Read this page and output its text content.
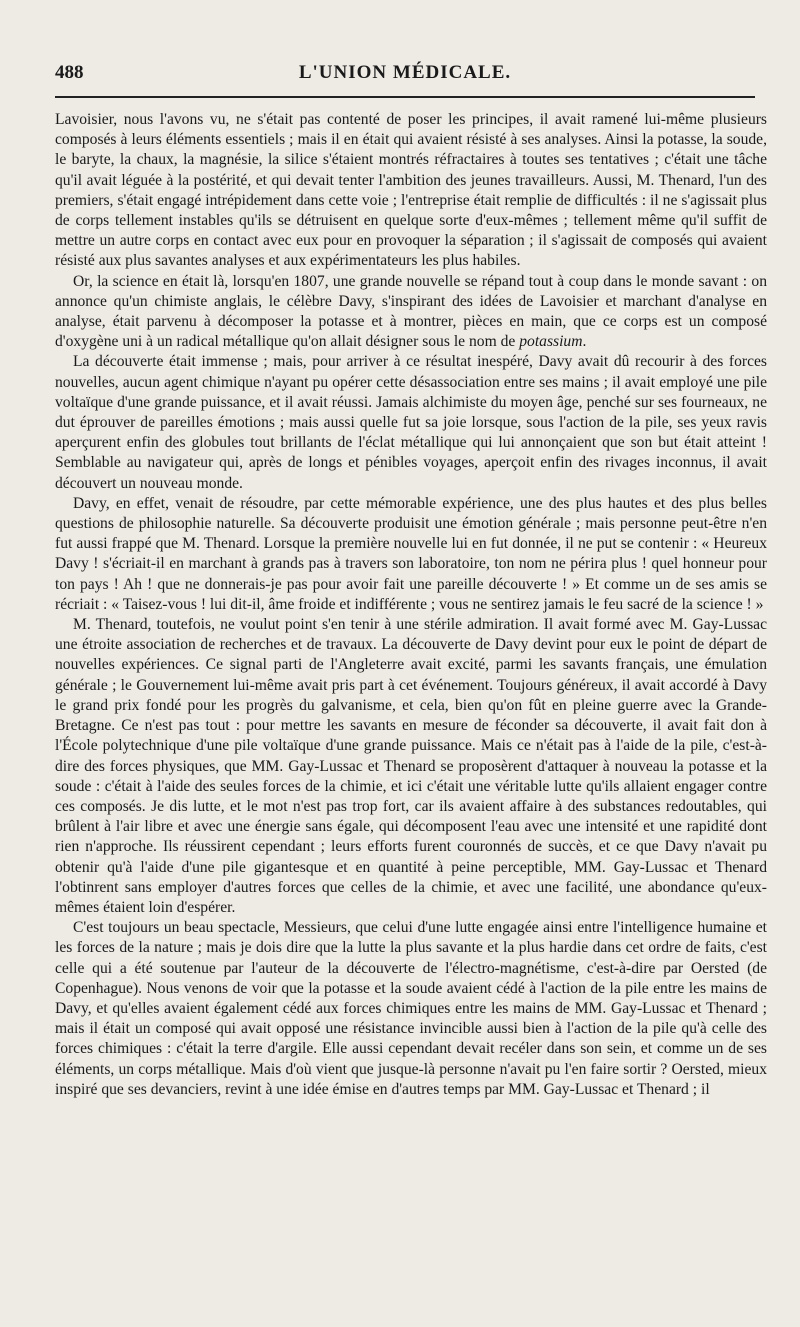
488	L'UNION MÉDICALE.

Lavoisier, nous l'avons vu, ne s'était pas contenté de poser les principes, il avait ramené lui-même plusieurs composés à leurs éléments essentiels ; mais il en était qui avaient résisté à ses analyses. Ainsi la potasse, la soude, le baryte, la chaux, la magnésie, la silice s'étaient montrés réfractaires à toutes ses tentatives ; c'était une tâche qu'il avait léguée à la postérité, et qui devait tenter l'ambition des jeunes travailleurs. Aussi, M. Thenard, l'un des premiers, s'était engagé intrépidement dans cette voie ; l'entreprise était remplie de difficultés : il ne s'agissait plus de corps tellement instables qu'ils se détruisent en quelque sorte d'eux-mêmes ; tellement même qu'il suffit de mettre un autre corps en contact avec eux pour en provoquer la séparation ; il s'agissait de composés qui avaient résisté aux plus savantes analyses et aux expérimentateurs les plus habiles.

Or, la science en était là, lorsqu'en 1807, une grande nouvelle se répand tout à coup dans le monde savant : on annonce qu'un chimiste anglais, le célèbre Davy, s'inspirant des idées de Lavoisier et marchant d'analyse en analyse, était parvenu à décomposer la potasse et à montrer, pièces en main, que ce corps est un composé d'oxygène uni à un radical métallique qu'on allait désigner sous le nom de potassium.

La découverte était immense ; mais, pour arriver à ce résultat inespéré, Davy avait dû recourir à des forces nouvelles, aucun agent chimique n'ayant pu opérer cette désassociation entre ses mains ; il avait employé une pile voltaïque d'une grande puissance, et il avait réussi. Jamais alchimiste du moyen âge, penché sur ses fourneaux, ne dut éprouver de pareilles émotions ; mais aussi quelle fut sa joie lorsque, sous l'action de la pile, ses yeux ravis aperçurent enfin des globules tout brillants de l'éclat métallique qui lui annonçaient que son but était atteint ! Semblable au navigateur qui, après de longs et pénibles voyages, aperçoit enfin des rivages inconnus, il avait découvert un nouveau monde.

Davy, en effet, venait de résoudre, par cette mémorable expérience, une des plus hautes et des plus belles questions de philosophie naturelle. Sa découverte produisit une émotion générale ; mais personne peut-être n'en fut aussi frappé que M. Thenard. Lorsque la première nouvelle lui en fut donnée, il ne put se contenir : « Heureux Davy ! s'écriait-il en marchant à grands pas à travers son laboratoire, ton nom ne périra plus ! quel honneur pour ton pays ! Ah ! que ne donnerais-je pas pour avoir fait une pareille découverte ! » Et comme un de ses amis se récriait : « Taisez-vous ! lui dit-il, âme froide et indifférente ; vous ne sentirez jamais le feu sacré de la science ! »

M. Thenard, toutefois, ne voulut point s'en tenir à une stérile admiration. Il avait formé avec M. Gay-Lussac une étroite association de recherches et de travaux. La découverte de Davy devint pour eux le point de départ de nouvelles expériences. Ce signal parti de l'Angleterre avait excité, parmi les savants français, une émulation générale ; le Gouvernement lui-même avait pris part à cet événement. Toujours généreux, il avait accordé à Davy le grand prix fondé pour les progrès du galvanisme, et cela, bien qu'on fût en pleine guerre avec la Grande-Bretagne. Ce n'est pas tout : pour mettre les savants en mesure de féconder sa découverte, il avait fait don à l'École polytechnique d'une pile voltaïque d'une grande puissance. Mais ce n'était pas à l'aide de la pile, c'est-à-dire des forces physiques, que MM. Gay-Lussac et Thenard se proposèrent d'attaquer à nouveau la potasse et la soude : c'était à l'aide des seules forces de la chimie, et ici c'était une véritable lutte qu'ils allaient engager contre ces composés. Je dis lutte, et le mot n'est pas trop fort, car ils avaient affaire à des substances redoutables, qui brûlent à l'air libre et avec une énergie sans égale, qui décomposent l'eau avec une intensité et une rapidité dont rien n'approche. Ils réussirent cependant ; leurs efforts furent couronnés de succès, et ce que Davy n'avait pu obtenir qu'à l'aide d'une pile gigantesque et en quantité à peine perceptible, MM. Gay-Lussac et Thenard l'obtinrent sans employer d'autres forces que celles de la chimie, et avec une facilité, une abondance qu'eux-mêmes étaient loin d'espérer.

C'est toujours un beau spectacle, Messieurs, que celui d'une lutte engagée ainsi entre l'intelligence humaine et les forces de la nature ; mais je dois dire que la lutte la plus savante et la plus hardie dans cet ordre de faits, c'est celle qui a été soutenue par l'auteur de la découverte de l'électro-magnétisme, c'est-à-dire par Oersted (de Copenhague). Nous venons de voir que la potasse et la soude avaient cédé à l'action de la pile entre les mains de Davy, et qu'elles avaient également cédé aux forces chimiques entre les mains de MM. Gay-Lussac et Thenard ; mais il était un composé qui avait opposé une résistance invincible aussi bien à l'action de la pile qu'à celle des forces chimiques : c'était la terre d'argile. Elle aussi cependant devait recéler dans son sein, et comme un de ses éléments, un corps métallique. Mais d'où vient que jusque-là personne n'avait pu l'en faire sortir ? Oersted, mieux inspiré que ses devanciers, revint à une idée émise en d'autres temps par MM. Gay-Lussac et Thenard ; il
